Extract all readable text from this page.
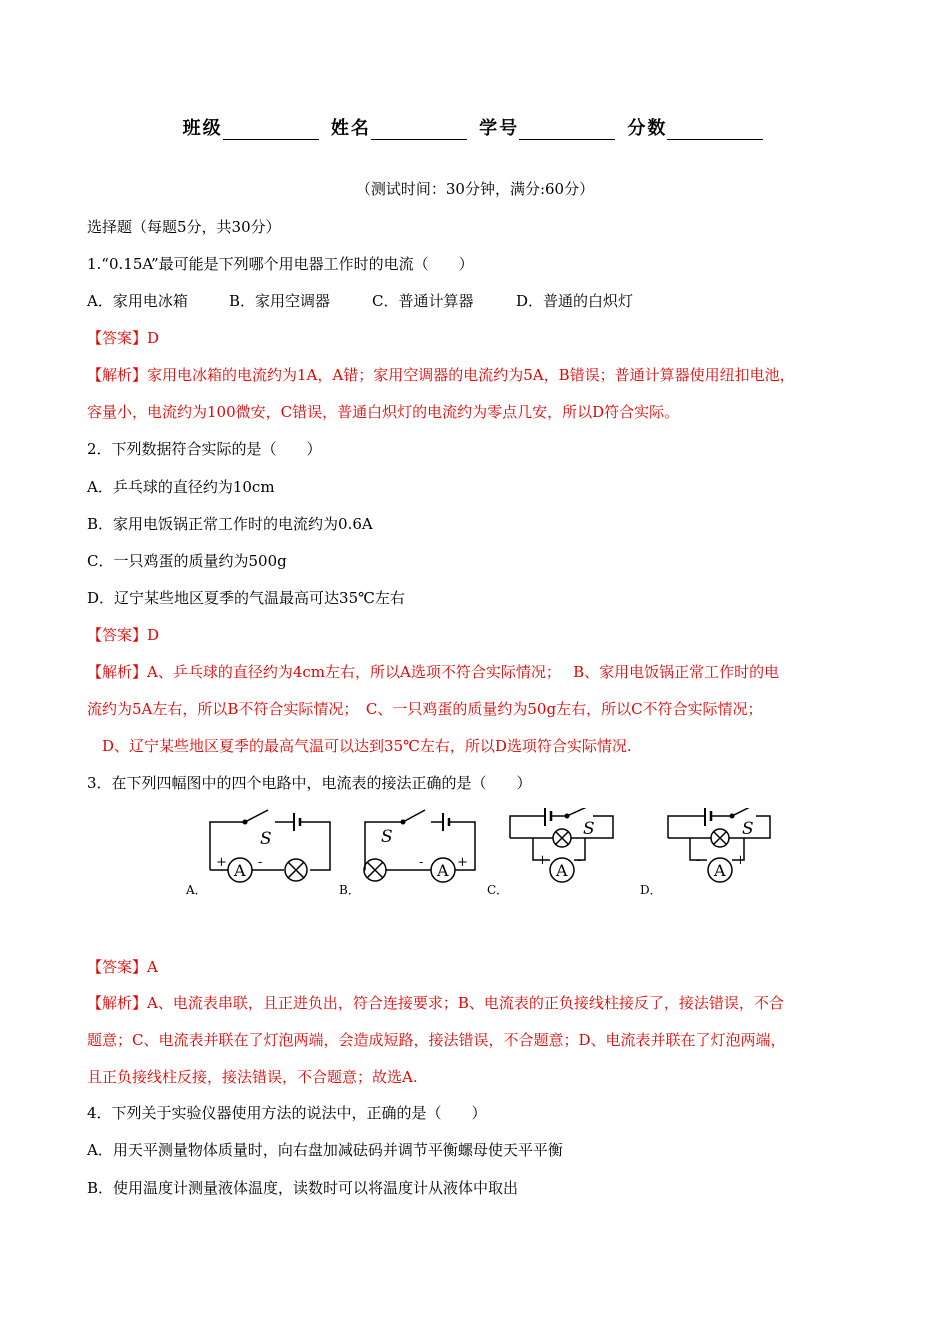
班级	姓名	学号	分数
（测试时间：30分钟，满分:60分）
选择题（每题5分，共30分）
1.“0.15A”最可能是下列哪个用电器工作时的电流（　　）
A．家用电冰箱	B．家用空调器	C．普通计算器	D．普通的白炽灯
【答案】D
【解析】家用电冰箱的电流约为1A，A错；家用空调器的电流约为5A，B错误；普通计算器使用纽扣电池，
容量小，电流约为100微安，C错误，普通白炽灯的电流约为零点几安，所以D符合实际。
2．下列数据符合实际的是（　　）
A．乒乓球的直径约为10cm
B．家用电饭锅正常工作时的电流约为0.6A
C．一只鸡蛋的质量约为500g
D．辽宁某些地区夏季的气温最高可达35℃左右
【答案】D
【解析】A、乒乓球的直径约为4cm左右，所以A选项不符合实际情况；　 B、家用电饭锅正常工作时的电
流约为5A左右，所以B不符合实际情况；　C、一只鸡蛋的质量约为50g左右，所以C不符合实际情况；
　D、辽宁某些地区夏季的最高气温可以达到35℃左右，所以D选项符合实际情况.
3．在下列四幅图中的四个电路中，电流表的接法正确的是（　　）
S
A
+ -
A．
S
A
-	+
B．
S
A
+ -
C．
S
A
-	+
D．
【答案】A
【解析】A、电流表串联，且正进负出，符合连接要求；B、电流表的正负接线柱接反了，接法错误，不合
题意；C、电流表并联在了灯泡两端，会造成短路，接法错误，不合题意；D、电流表并联在了灯泡两端，
且正负接线柱反接，接法错误，不合题意；故选A.
4．下列关于实验仪器使用方法的说法中，正确的是（　　）
A．用天平测量物体质量时，向右盘加减砝码并调节平衡螺母使天平平衡
B．使用温度计测量液体温度，读数时可以将温度计从液体中取出
